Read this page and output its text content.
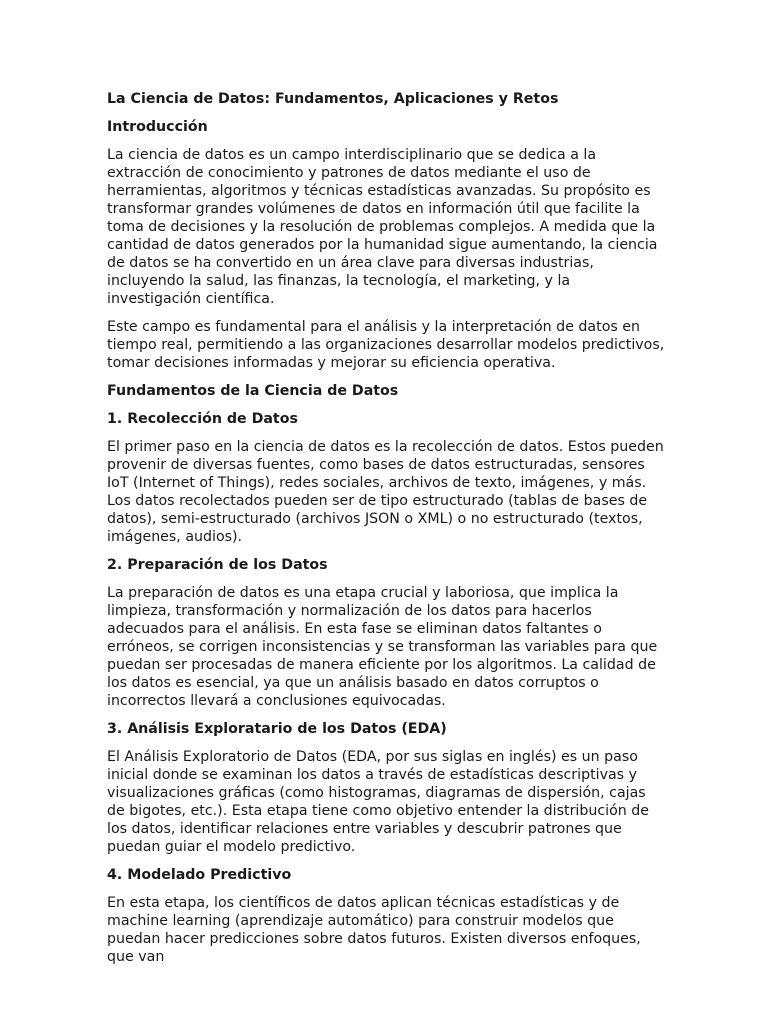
La Ciencia de Datos: Fundamentos, Aplicaciones y Retos

Introducción

La ciencia de datos es un campo interdisciplinario que se dedica a la extracción de conocimiento y patrones de datos mediante el uso de herramientas, algoritmos y técnicas estadísticas avanzadas. Su propósito es transformar grandes volúmenes de datos en información útil que facilite la toma de decisiones y la resolución de problemas complejos. A medida que la cantidad de datos generados por la humanidad sigue aumentando, la ciencia de datos se ha convertido en un área clave para diversas industrias, incluyendo la salud, las finanzas, la tecnología, el marketing, y la investigación científica.

Este campo es fundamental para el análisis y la interpretación de datos en tiempo real, permitiendo a las organizaciones desarrollar modelos predictivos, tomar decisiones informadas y mejorar su eficiencia operativa.

Fundamentos de la Ciencia de Datos

1. Recolección de Datos

El primer paso en la ciencia de datos es la recolección de datos. Estos pueden provenir de diversas fuentes, como bases de datos estructuradas, sensores IoT (Internet of Things), redes sociales, archivos de texto, imágenes, y más. Los datos recolectados pueden ser de tipo estructurado (tablas de bases de datos), semi-estructurado (archivos JSON o XML) o no estructurado (textos, imágenes, audios).

2. Preparación de los Datos

La preparación de datos es una etapa crucial y laboriosa, que implica la limpieza, transformación y normalización de los datos para hacerlos adecuados para el análisis. En esta fase se eliminan datos faltantes o erróneos, se corrigen inconsistencias y se transforman las variables para que puedan ser procesadas de manera eficiente por los algoritmos. La calidad de los datos es esencial, ya que un análisis basado en datos corruptos o incorrectos llevará a conclusiones equivocadas.

3. Análisis Exploratario de los Datos (EDA)

El Análisis Exploratorio de Datos (EDA, por sus siglas en inglés) es un paso inicial donde se examinan los datos a través de estadísticas descriptivas y visualizaciones gráficas (como histogramas, diagramas de dispersión, cajas de bigotes, etc.). Esta etapa tiene como objetivo entender la distribución de los datos, identificar relaciones entre variables y descubrir patrones que puedan guiar el modelo predictivo.

4. Modelado Predictivo

En esta etapa, los científicos de datos aplican técnicas estadísticas y de machine learning (aprendizaje automático) para construir modelos que puedan hacer predicciones sobre datos futuros. Existen diversos enfoques, que van
